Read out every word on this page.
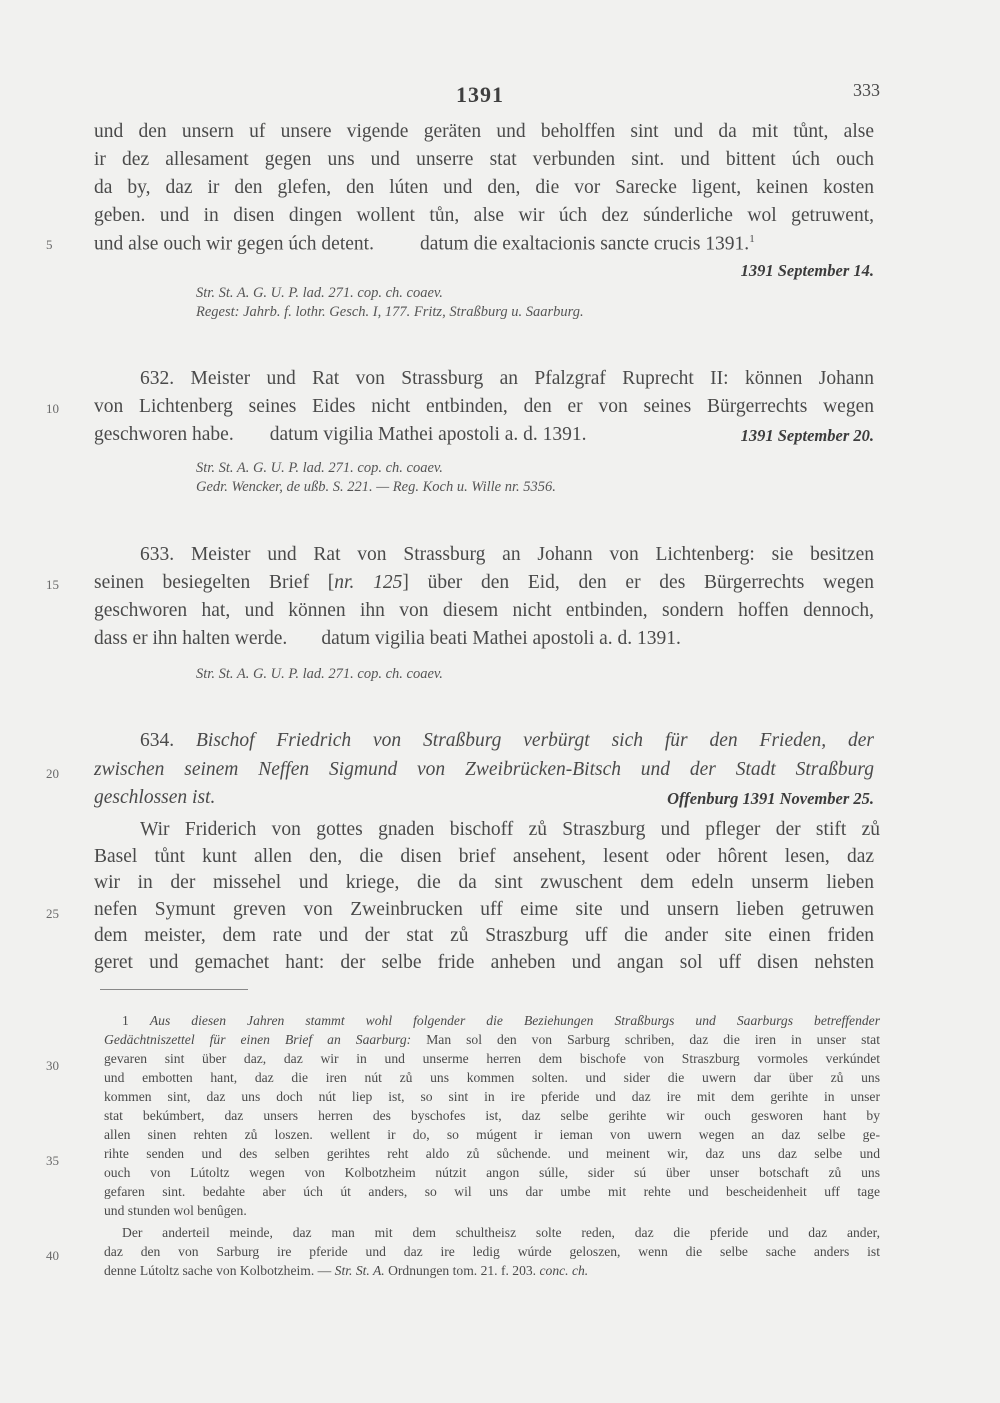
1391	333
5
10
15
20
25
30
35
40
und den unsern uf unsere vigende geräten und beholffen sint und da mit tůnt, alse
ir dez allesament gegen uns und unserre stat verbunden sint. und bittent úch ouch
da by, daz ir den glefen, den lúten und den, die vor Sarecke ligent, keinen kosten
geben. und in disen dingen wollent tůn, alse wir úch dez súnderliche wol getruwent,
und alse ouch wir gegen úch detent. datum die exaltacionis sancte crucis 1391.$^1$
1391 September 14.
Str. St. A. G. U. P. lad. 271. cop. ch. coaev.
Regest: Jahrb. f. lothr. Gesch. I, 177. Fritz, Straßburg u. Saarburg.
632. Meister und Rat von Strassburg an Pfalzgraf Ruprecht II: können Johann
von Lichtenberg seines Eides nicht entbinden, den er von seines Bürgerrechts wegen
geschworen habe. datum vigilia Mathei apostoli a. d. 1391.	1391 September 20.
Str. St. A. G. U. P. lad. 271. cop. ch. coaev.
Gedr. Wencker, de ußb. S. 221. — Reg. Koch u. Wille nr. 5356.
633. Meister und Rat von Strassburg an Johann von Lichtenberg: sie besitzen
seinen besiegelten Brief [nr. 125] über den Eid, den er des Bürgerrechts wegen
geschworen hat, und können ihn von diesem nicht entbinden, sondern hoffen dennoch,
dass er ihn halten werde. datum vigilia beati Mathei apostoli a. d. 1391.
Str. St. A. G. U. P. lad. 271. cop. ch. coaev.
634. Bischof Friedrich von Straßburg verbürgt sich für den Frieden, der
zwischen seinem Neffen Sigmund von Zweibrücken-Bitsch und der Stadt Straßburg
geschlossen ist.	Offenburg 1391 November 25.
Wir Friderich von gottes gnaden bischoff zů Straszburg und pfleger der stift zů
Basel tůnt kunt allen den, die disen brief ansehent, lesent oder hôrent lesen, daz
wir in der missehel und kriege, die da sint zwuschent dem edeln unserm lieben
nefen Symunt greven von Zweinbrucken uff eime site und unsern lieben getruwen
dem meister, dem rate und der stat zů Straszburg uff die ander site einen friden
geret und gemachet hant: der selbe fride anheben und angan sol uff disen nehsten
1 Aus diesen Jahren stammt wohl folgender die Beziehungen Straßburgs und Saarburgs betreffender
Gedächtniszettel für einen Brief an Saarburg: Man sol den von Sarburg schriben, daz die iren in unser stat
gevaren sint über daz, daz wir in und unserme herren dem bischofe von Straszburg vormoles verkúndet
und embotten hant, daz die iren nút zů uns kommen solten. und sider die uwern dar über zů uns
kommen sint, daz uns doch nút liep ist, so sint in ire pferide und daz ire mit dem gerihte in unser
stat bekúmbert, daz unsers herren des byschofes ist, daz selbe gerihte wir ouch gesworen hant by
allen sinen rehten zů loszen. wellent ir do, so múgent ir ieman von uwern wegen an daz selbe ge-
rihte senden und des selben gerihtes reht aldo zů sůchende. und meinent wir, daz uns daz selbe und
ouch von Lútoltz wegen von Kolbotzheim nútzit angon súlle, sider sú über unser botschaft zů uns
gefaren sint. bedahte aber úch út anders, so wil uns dar umbe mit rehte und bescheidenheit uff tage
und stunden wol benûgen.
Der anderteil meinde, daz man mit dem schultheisz solte reden, daz die pferide und daz ander,
daz den von Sarburg ire pferide und daz ire ledig wúrde geloszen, wenn die selbe sache anders ist
denne Lútoltz sache von Kolbotzheim. — Str. St. A. Ordnungen tom. 21. f. 203. conc. ch.
